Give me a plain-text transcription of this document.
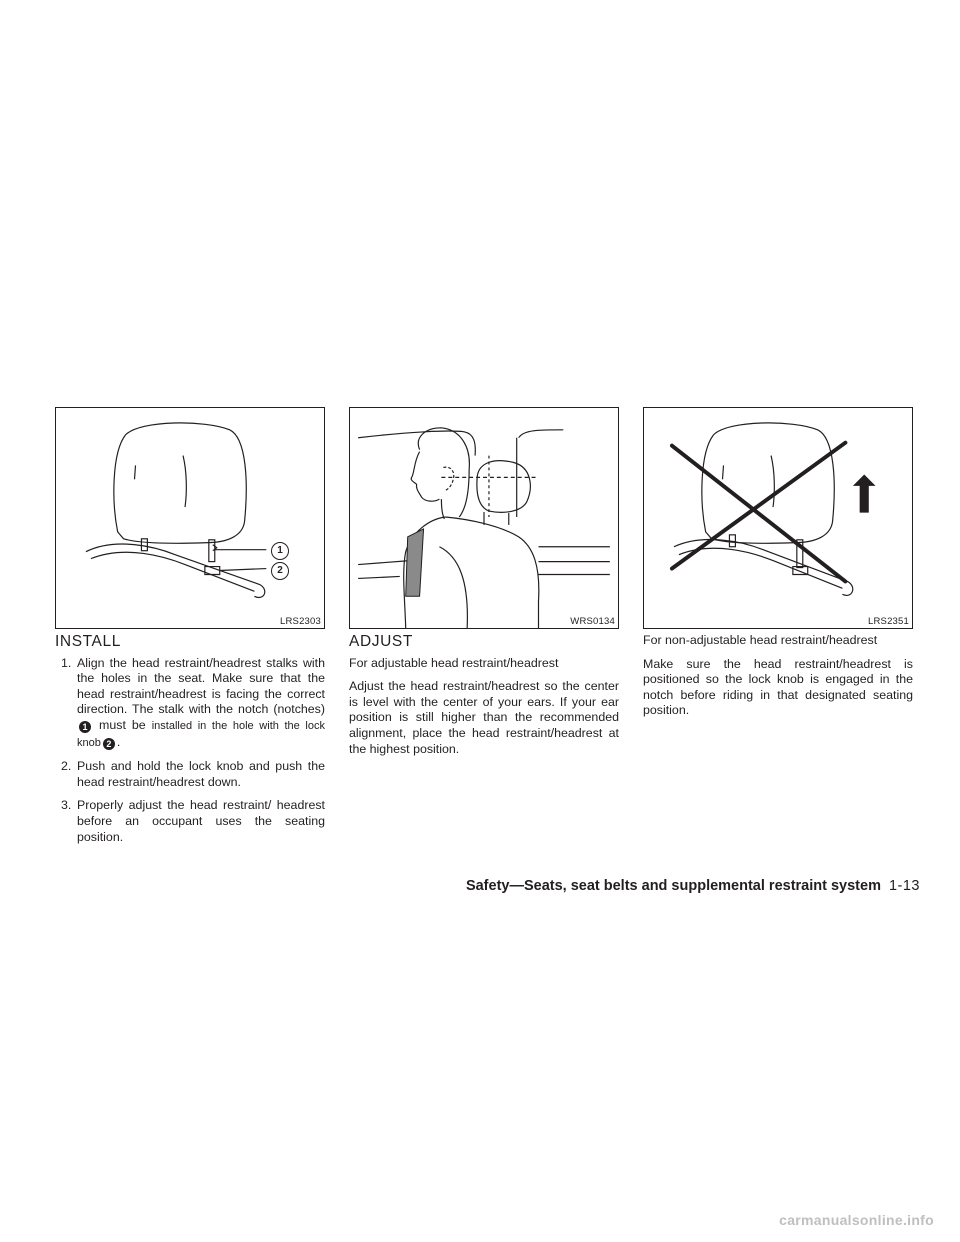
1
2
LRS2303	WRS0134	LRS2351
INSTALL
1. Align the head restraint/headrest stalks with the holes in the seat. Make sure that the head restraint/headrest is facing the correct direction. The stalk with the notch (notches) 1 must be installed in the hole with the lock knob 2 .
2. Push and hold the lock knob and push the head restraint/headrest down.
3. Properly adjust the head restraint/ headrest before an occupant uses the seating position.
ADJUST

For adjustable head restraint/headrest

Adjust the head restraint/headrest so the center is level with the center of your ears. If your ear position is still higher than the recommended alignment, place the head restraint/headrest at the highest position.

For non-adjustable head restraint/headrest

Make sure the head restraint/headrest is positioned so the lock knob is engaged in the notch before riding in that designated seating position.

Safety—Seats, seat belts and supplemental restraint system 1-13
carmanualsonline.info
